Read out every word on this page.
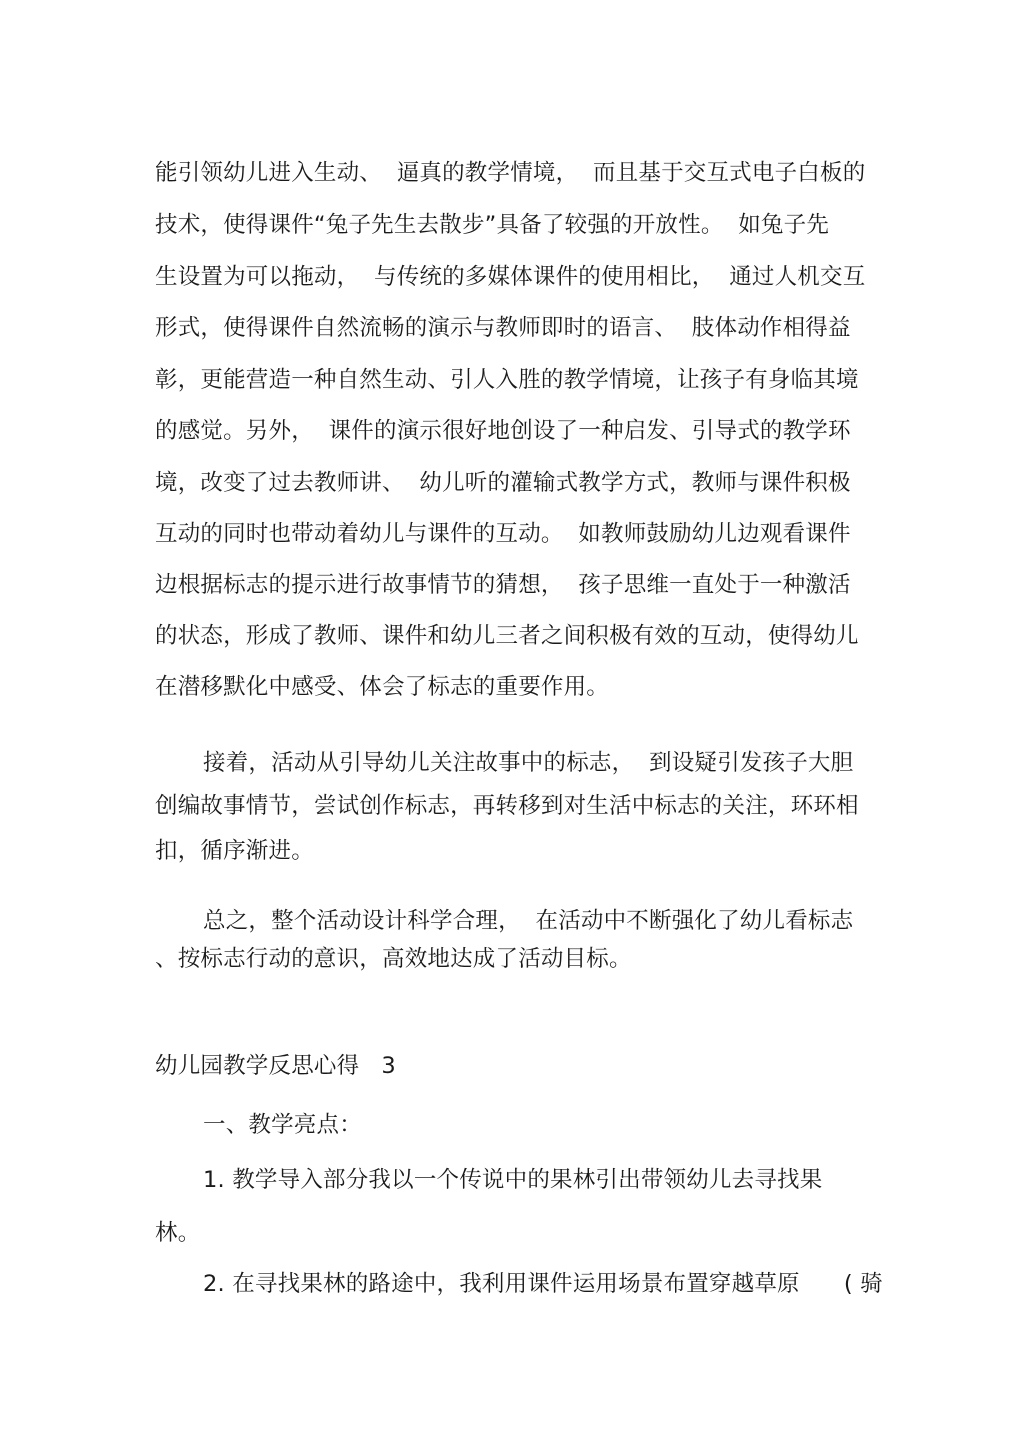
能引领幼儿进入生动、  逼真的教学情境，  而且基于交互式电子白板的
技术，使得课件“兔子先生去散步”具备了较强的开放性。  如兔子先
生设置为可以拖动，  与传统的多媒体课件的使用相比，  通过人机交互
形式，使得课件自然流畅的演示与教师即时的语言、  肢体动作相得益
彰，更能营造一种自然生动、引人入胜的教学情境，让孩子有身临其境
的感觉。另外，  课件的演示很好地创设了一种启发、引导式的教学环
境，改变了过去教师讲、  幼儿听的灌输式教学方式，教师与课件积极
互动的同时也带动着幼儿与课件的互动。  如教师鼓励幼儿边观看课件
边根据标志的提示进行故事情节的猜想，  孩子思维一直处于一种激活
的状态，形成了教师、课件和幼儿三者之间积极有效的互动，使得幼儿
在潜移默化中感受、体会了标志的重要作用。
接着，活动从引导幼儿关注故事中的标志，  到设疑引发孩子大胆
创编故事情节，尝试创作标志，再转移到对生活中标志的关注，环环相
扣，循序渐进。
总之，整个活动设计科学合理，  在活动中不断强化了幼儿看标志
、按标志行动的意识，高效地达成了活动目标。
幼儿园教学反思心得   3
一、教学亮点：
1. 教学导入部分我以一个传说中的果林引出带领幼儿去寻找果
林。
2. 在寻找果林的路途中，我利用课件运用场景布置穿越草原      ( 骑
